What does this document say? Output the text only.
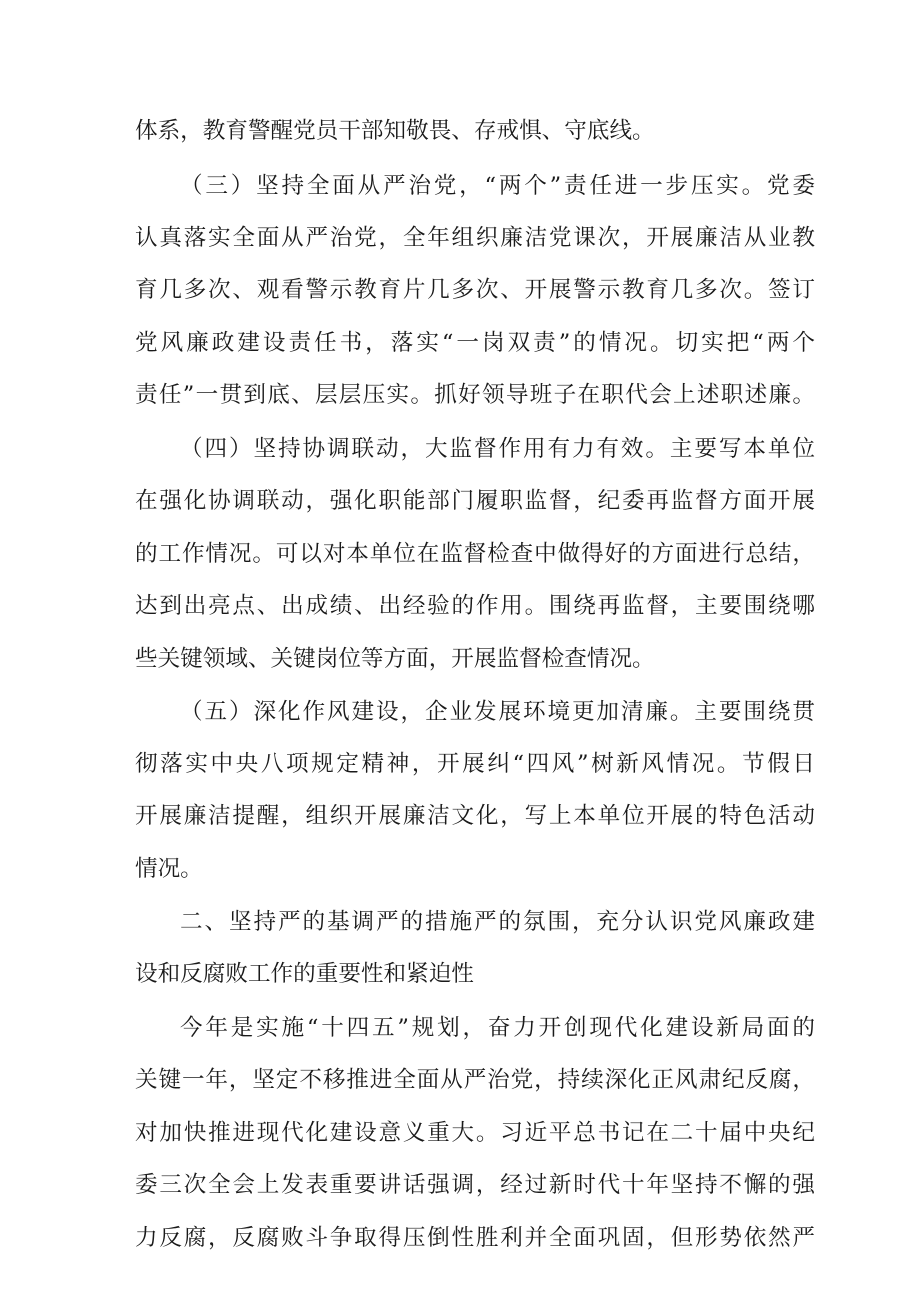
体系，教育警醒党员干部知敬畏、存戒惧、守底线。
（三）坚持全面从严治党，“两个”责任进一步压实。党委
认真落实全面从严治党，全年组织廉洁党课次，开展廉洁从业教
育几多次、观看警示教育片几多次、开展警示教育几多次。签订
党风廉政建设责任书，落实“一岗双责”的情况。切实把“两个
责任”一贯到底、层层压实。抓好领导班子在职代会上述职述廉。
（四）坚持协调联动，大监督作用有力有效。主要写本单位
在强化协调联动，强化职能部门履职监督，纪委再监督方面开展
的工作情况。可以对本单位在监督检查中做得好的方面进行总结，
达到出亮点、出成绩、出经验的作用。围绕再监督，主要围绕哪
些关键领域、关键岗位等方面，开展监督检查情况。
（五）深化作风建设，企业发展环境更加清廉。主要围绕贯
彻落实中央八项规定精神，开展纠“四风”树新风情况。节假日
开展廉洁提醒，组织开展廉洁文化，写上本单位开展的特色活动
情况。
二、坚持严的基调严的措施严的氛围，充分认识党风廉政建
设和反腐败工作的重要性和紧迫性
今年是实施“十四五”规划，奋力开创现代化建设新局面的
关键一年，坚定不移推进全面从严治党，持续深化正风肃纪反腐，
对加快推进现代化建设意义重大。习近平总书记在二十届中央纪
委三次全会上发表重要讲话强调，经过新时代十年坚持不懈的强
力反腐，反腐败斗争取得压倒性胜利并全面巩固，但形势依然严
